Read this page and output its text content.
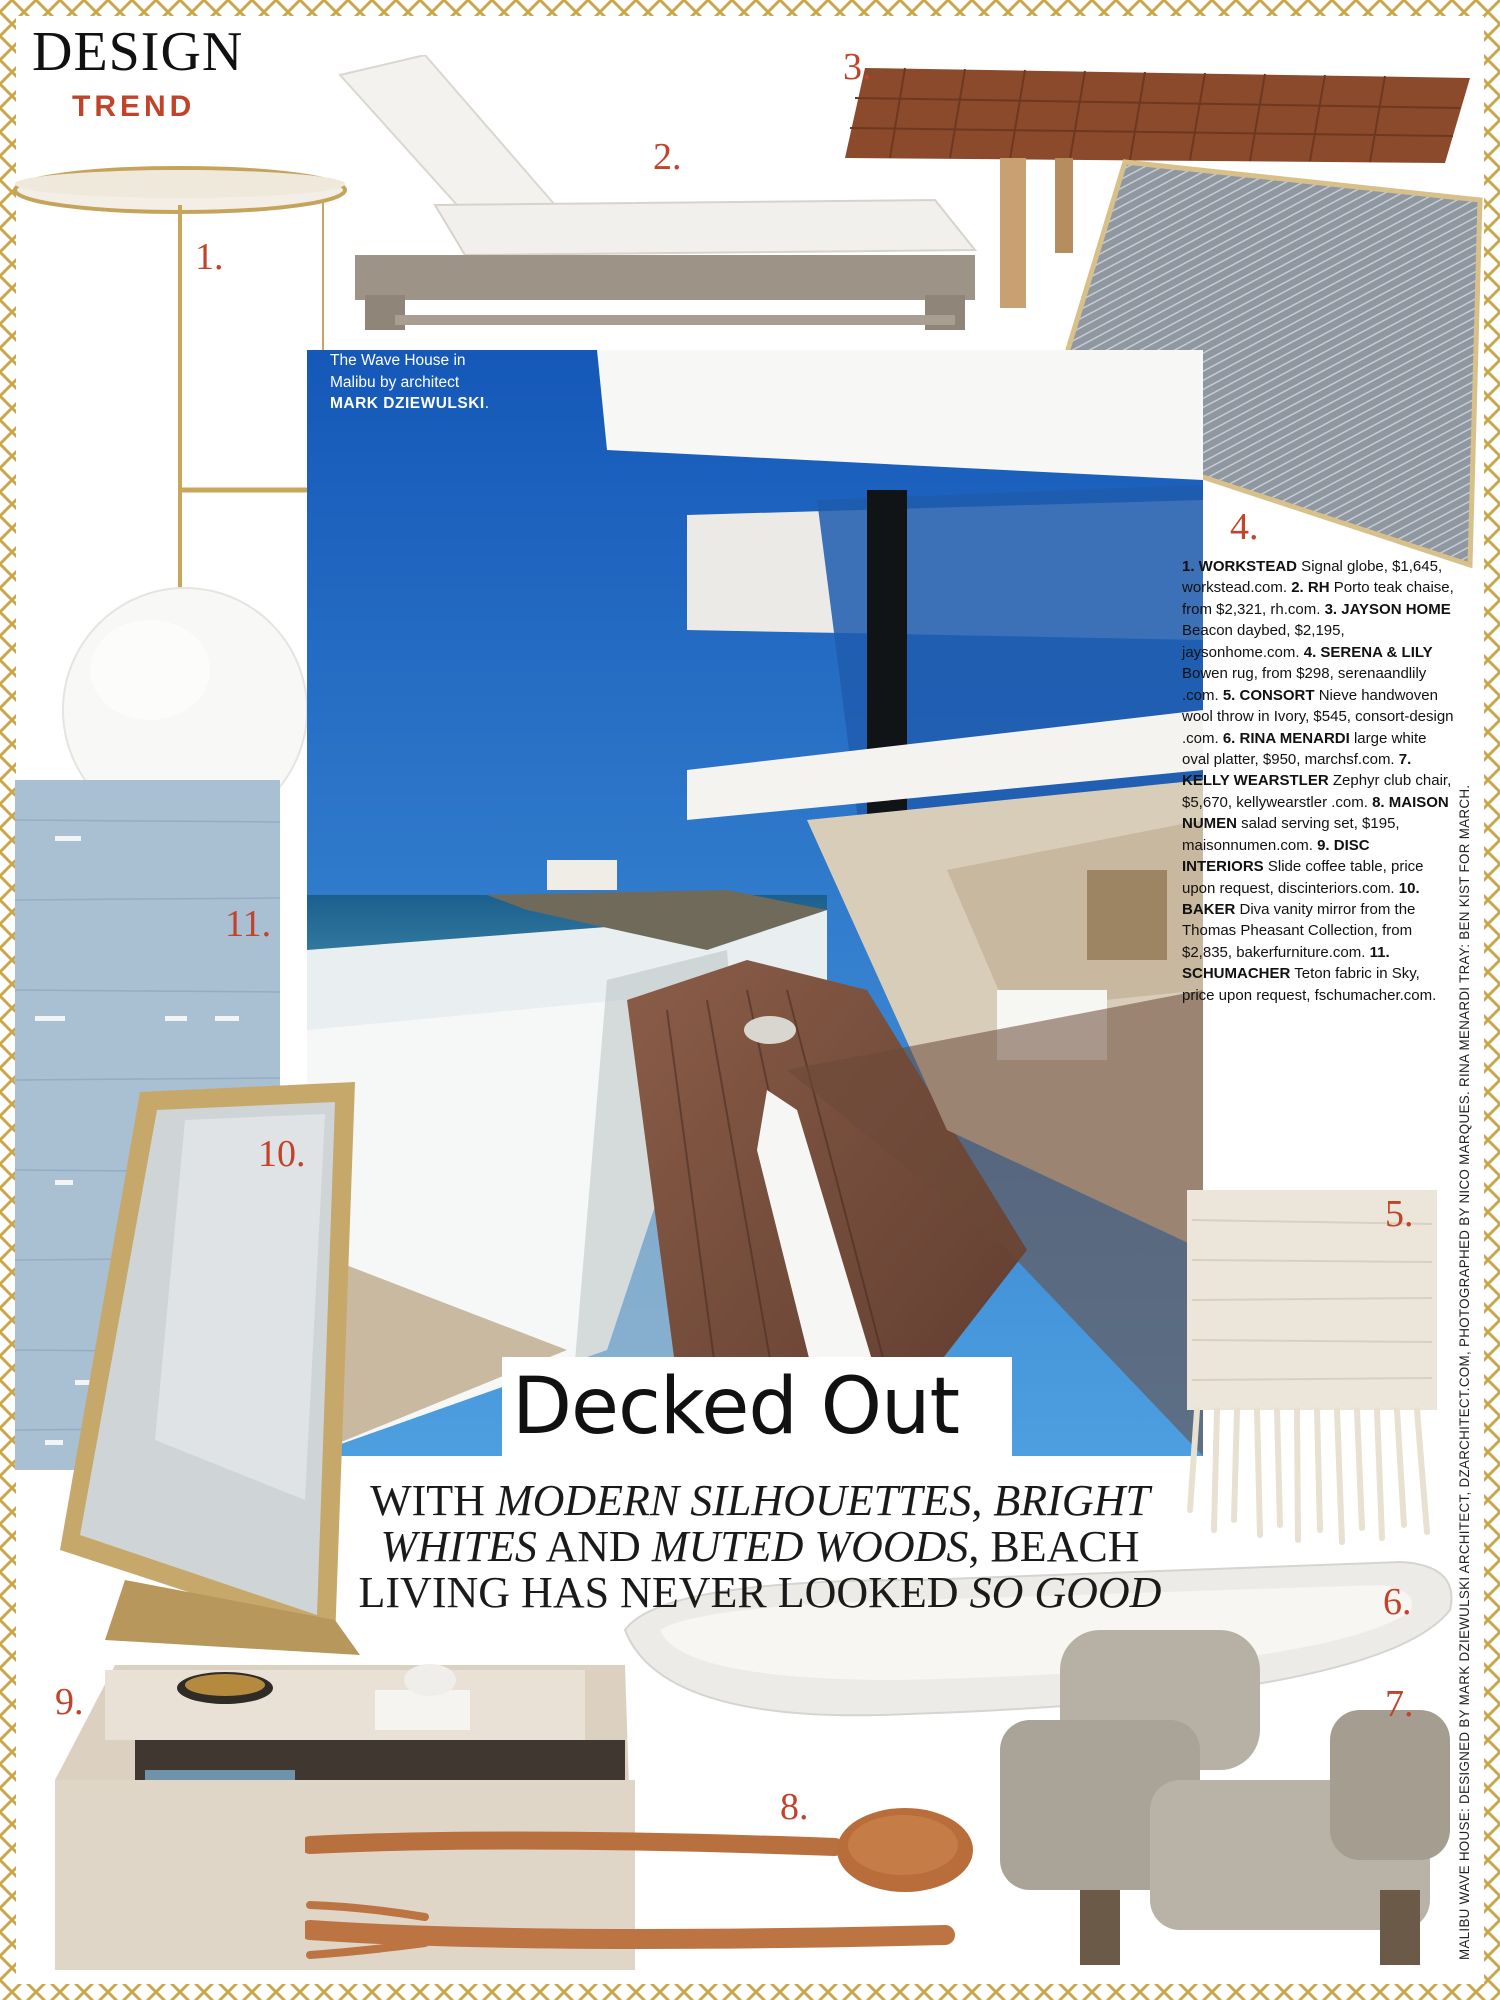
DESIGN
TREND
The Wave House in
Malibu by architect
MARK DZIEWULSKI.
1.
2.
3.
4.
5.
6.
7.
8.
9.
10.
11.
1. WORKSTEAD Signal globe, $1,645, workstead.com. 2. RH Porto teak chaise, from $2,321, rh.com. 3. JAYSON HOME Beacon daybed, $2,195, jaysonhome.com. 4. SERENA & LILY Bowen rug, from $298, serenaandlily .com. 5. CONSORT Nieve handwoven wool throw in Ivory, $545, consort-design .com. 6. RINA MENARDI large white oval platter, $950, marchsf.com. 7. KELLY WEARSTLER Zephyr club chair, $5,670, kellywearstler .com. 8. MAISON NUMEN salad serving set, $195, maisonnumen.com. 9. DISC INTERIORS Slide coffee table, price upon request, discinteriors.com. 10. BAKER Diva vanity mirror from the Thomas Pheasant Collection, from $2,835, bakerfurniture.com. 11. SCHUMACHER Teton fabric in Sky, price upon request, fschumacher.com.
Decked Out
WITH MODERN SILHOUETTES, BRIGHT WHITES AND MUTED WOODS, BEACH LIVING HAS NEVER LOOKED SO GOOD	MALIBU WAVE HOUSE: DESIGNED BY MARK DZIEWULSKI ARCHITECT, DZARCHITECT.COM, PHOTOGRAPHED BY NICO MARQUES. RINA MENARDI TRAY: BEN KIST FOR MARCH.
